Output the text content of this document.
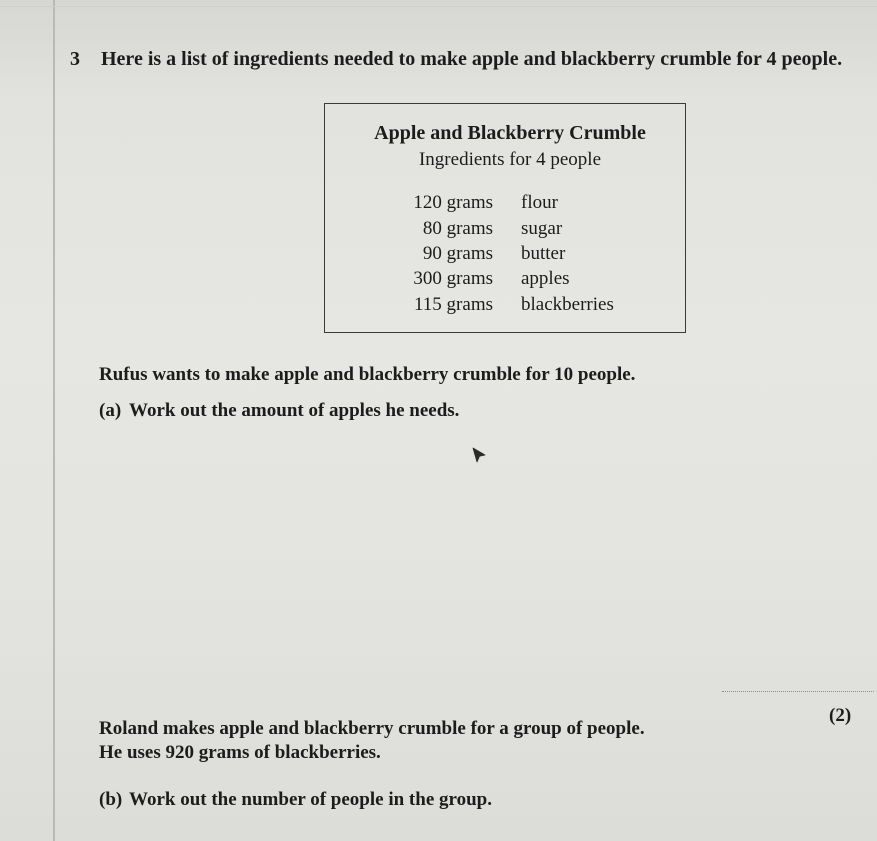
3 Here is a list of ingredients needed to make apple and blackberry crumble for 4 people.
Apple and Blackberry Crumble
Ingredients for 4 people
120 grams flour
80 grams sugar
90 grams butter
300 grams apples
115 grams blackberries
Rufus wants to make apple and blackberry crumble for 10 people.
(a) Work out the amount of apples he needs.
(2)
Roland makes apple and blackberry crumble for a group of people.
He uses 920 grams of blackberries.
(b) Work out the number of people in the group.
